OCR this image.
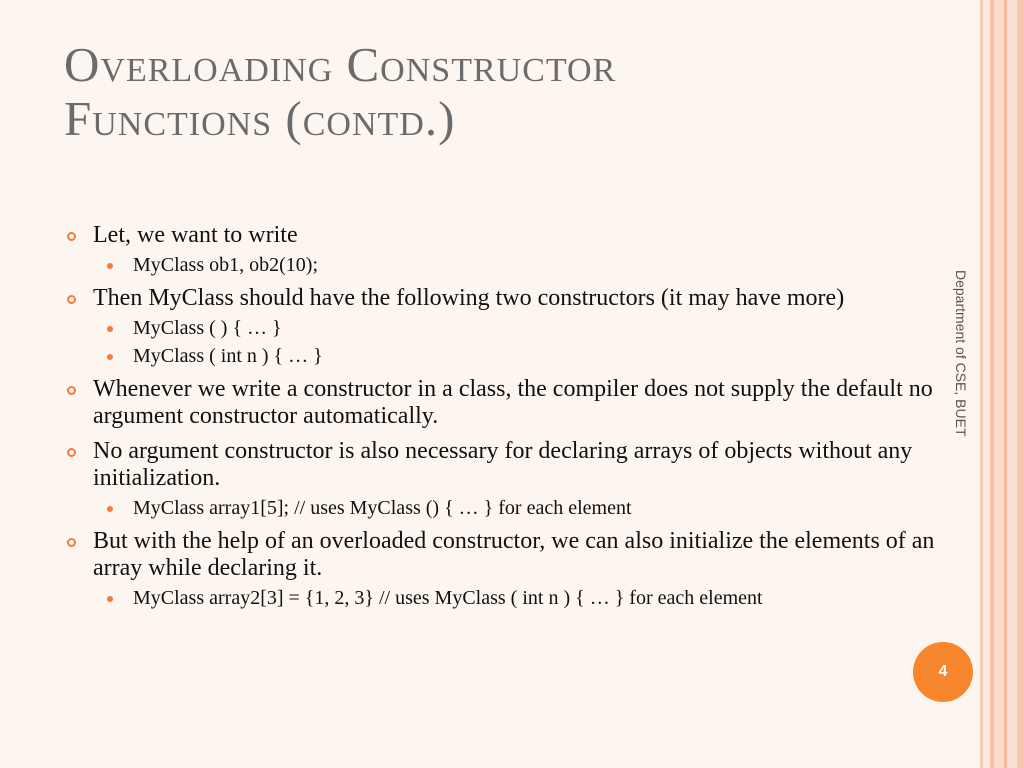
Overloading Constructor
Functions (contd.)
Let, we want to write
MyClass ob1, ob2(10);
Then MyClass should have the following two constructors (it may have more)
MyClass ( ) { … }
MyClass ( int n ) { … }
Whenever we write a constructor in a class, the compiler does not supply the default no argument constructor automatically.
No argument constructor is also necessary for declaring arrays of objects without any initialization.
MyClass array1[5]; // uses MyClass () { … } for each element
But with the help of an overloaded constructor, we can also initialize the elements of an array while declaring it.
MyClass array2[3] = {1, 2, 3} // uses MyClass ( int n ) { … } for each element
Department of CSE, BUET
4
